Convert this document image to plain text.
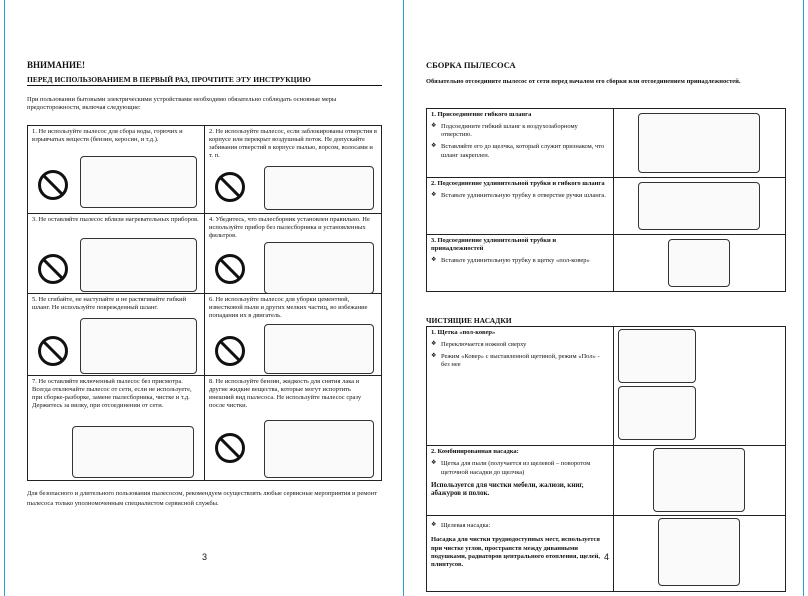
ВНИМАНИЕ!
ПЕРЕД ИСПОЛЬЗОВАНИЕМ В ПЕРВЫЙ РАЗ, ПРОЧТИТЕ ЭТУ ИНСТРУКЦИЮ
При пользовании бытовыми электрическими устройствами необходимо обязательно соблюдать основные меры предосторожности, включая следующие:
1. Не используйте пылесос для сбора воды, горючих и взрывчатых веществ (бензин, керосин, и т.д.).	2. Не используйте пылесос, если заблокированы отверстия в корпусе или перекрыт воздушный поток. Не допускайте забивания отверстий в корпусе пылью, ворсом, волосами и т. п.

3. Не оставляйте пылесос вблизи нагревательных приборов.	4. Убедитесь, что пылесборник установлен правильно. Не используйте прибор без пылесборника и установленных фильтров.

5. Не сгибайте, не наступайте и не растягивайте гибкий шланг. Не используйте поврежденный шланг.	6. Не используйте пылесос для уборки цементной, известковой пыли и других мелких частиц, во избежание попадания их в двигатель.

7. Не оставляйте включенный пылесос без присмотра. Всегда отключайте пылесос от сети, если не используете, при сборке-разборке, замене пылесборника, чистке и т.д. Держитесь за вилку, при отсоединении от сети.	8. Не используйте бензин, жидкость для снятия лака и другие жидкие вещества, которые могут испортить внешний вид пылесоса. Не используйте пылесос сразу после чистки.
Для безопасного и длительного пользования пылесосом, рекомендуем осуществлять любые сервисные мероприятия и ремонт пылесоса только уполномоченным специалистом сервисной службы.
3
СБОРКА ПЫЛЕСОСА
Обязательно отсоедините пылесос от сети перед началом его сборки или отсоединением принадлежностей.
1. Присоединение гибкого шланга
❖ Подсоедините гибкий шланг к воздухозаборному отверстию.
❖ Вставляйте его до щелчка, который служит признаком, что шланг закреплен.

2. Подсоединение удлинительной трубки и гибкого шланга
❖ Вставьте удлинительную трубку в отверстие ручки шланга.

3. Подсоединение удлинительной трубки и принадлежностей
❖ Вставьте удлинительную трубку в щетку «пол-ковер»

ЧИСТЯЩИЕ НАСАДКИ
1. Щетка «пол-ковер»
❖ Переключается ножной сверху
❖ Режим «Ковер» с выставленной щетиной, режим «Пол» - без нее

2. Комбинированная насадка:
❖ Щетка для пыли (получается из щелевой – поворотом щеточной насадки до щелчка)
Используется для чистки мебели, жалюзи, книг, абажуров и полок.

❖ Щелевая насадка:
Насадка для чистки труднодоступных мест, используется при чистке углов, пространств между диванными подушками, радиаторов центрального отопления, щелей, плинтусов.

4
